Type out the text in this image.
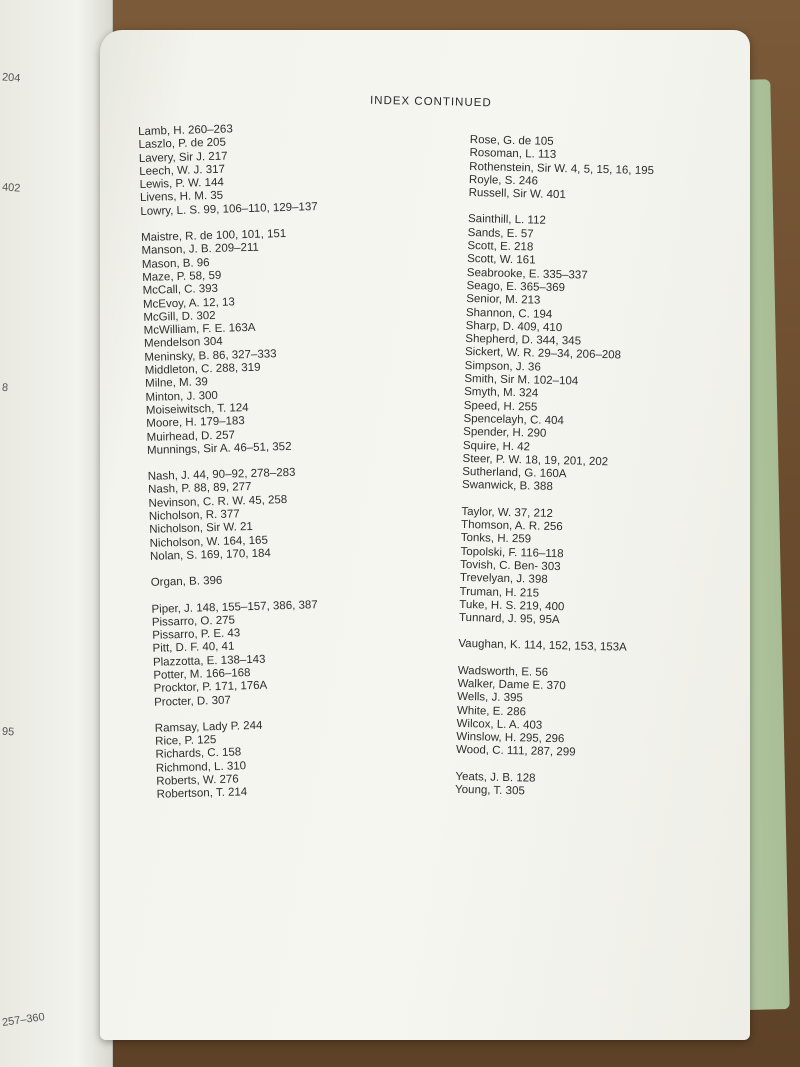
204
402
8
95
257–360
INDEX CONTINUED
Lamb, H. 260–263
Laszlo, P. de 205
Lavery, Sir J. 217
Leech, W. J. 317
Lewis, P. W. 144
Livens, H. M. 35
Lowry, L. S. 99, 106–110, 129–137
Maistre, R. de 100, 101, 151
Manson, J. B. 209–211
Mason, B. 96
Maze, P. 58, 59
McCall, C. 393
McEvoy, A. 12, 13
McGill, D. 302
McWilliam, F. E. 163A
Mendelson 304
Meninsky, B. 86, 327–333
Middleton, C. 288, 319
Milne, M. 39
Minton, J. 300
Moiseiwitsch, T. 124
Moore, H. 179–183
Muirhead, D. 257
Munnings, Sir A. 46–51, 352
Nash, J. 44, 90–92, 278–283
Nash, P. 88, 89, 277
Nevinson, C. R. W. 45, 258
Nicholson, R. 377
Nicholson, Sir W. 21
Nicholson, W. 164, 165
Nolan, S. 169, 170, 184
Organ, B. 396
Piper, J. 148, 155–157, 386, 387
Pissarro, O. 275
Pissarro, P. E. 43
Pitt, D. F. 40, 41
Plazzotta, E. 138–143
Potter, M. 166–168
Procktor, P. 171, 176A
Procter, D. 307
Ramsay, Lady P. 244
Rice, P. 125
Richards, C. 158
Richmond, L. 310
Roberts, W. 276
Robertson, T. 214
Rose, G. de 105
Rosoman, L. 113
Rothenstein, Sir W. 4, 5, 15, 16, 195
Royle, S. 246
Russell, Sir W. 401
Sainthill, L. 112
Sands, E. 57
Scott, E. 218
Scott, W. 161
Seabrooke, E. 335–337
Seago, E. 365–369
Senior, M. 213
Shannon, C. 194
Sharp, D. 409, 410
Shepherd, D. 344, 345
Sickert, W. R. 29–34, 206–208
Simpson, J. 36
Smith, Sir M. 102–104
Smyth, M. 324
Speed, H. 255
Spencelayh, C. 404
Spender, H. 290
Squire, H. 42
Steer, P. W. 18, 19, 201, 202
Sutherland, G. 160A
Swanwick, B. 388
Taylor, W. 37, 212
Thomson, A. R. 256
Tonks, H. 259
Topolski, F. 116–118
Tovish, C. Ben- 303
Trevelyan, J. 398
Truman, H. 215
Tuke, H. S. 219, 400
Tunnard, J. 95, 95A
Vaughan, K. 114, 152, 153, 153A
Wadsworth, E. 56
Walker, Dame E. 370
Wells, J. 395
White, E. 286
Wilcox, L. A. 403
Winslow, H. 295, 296
Wood, C. 111, 287, 299
Yeats, J. B. 128
Young, T. 305
